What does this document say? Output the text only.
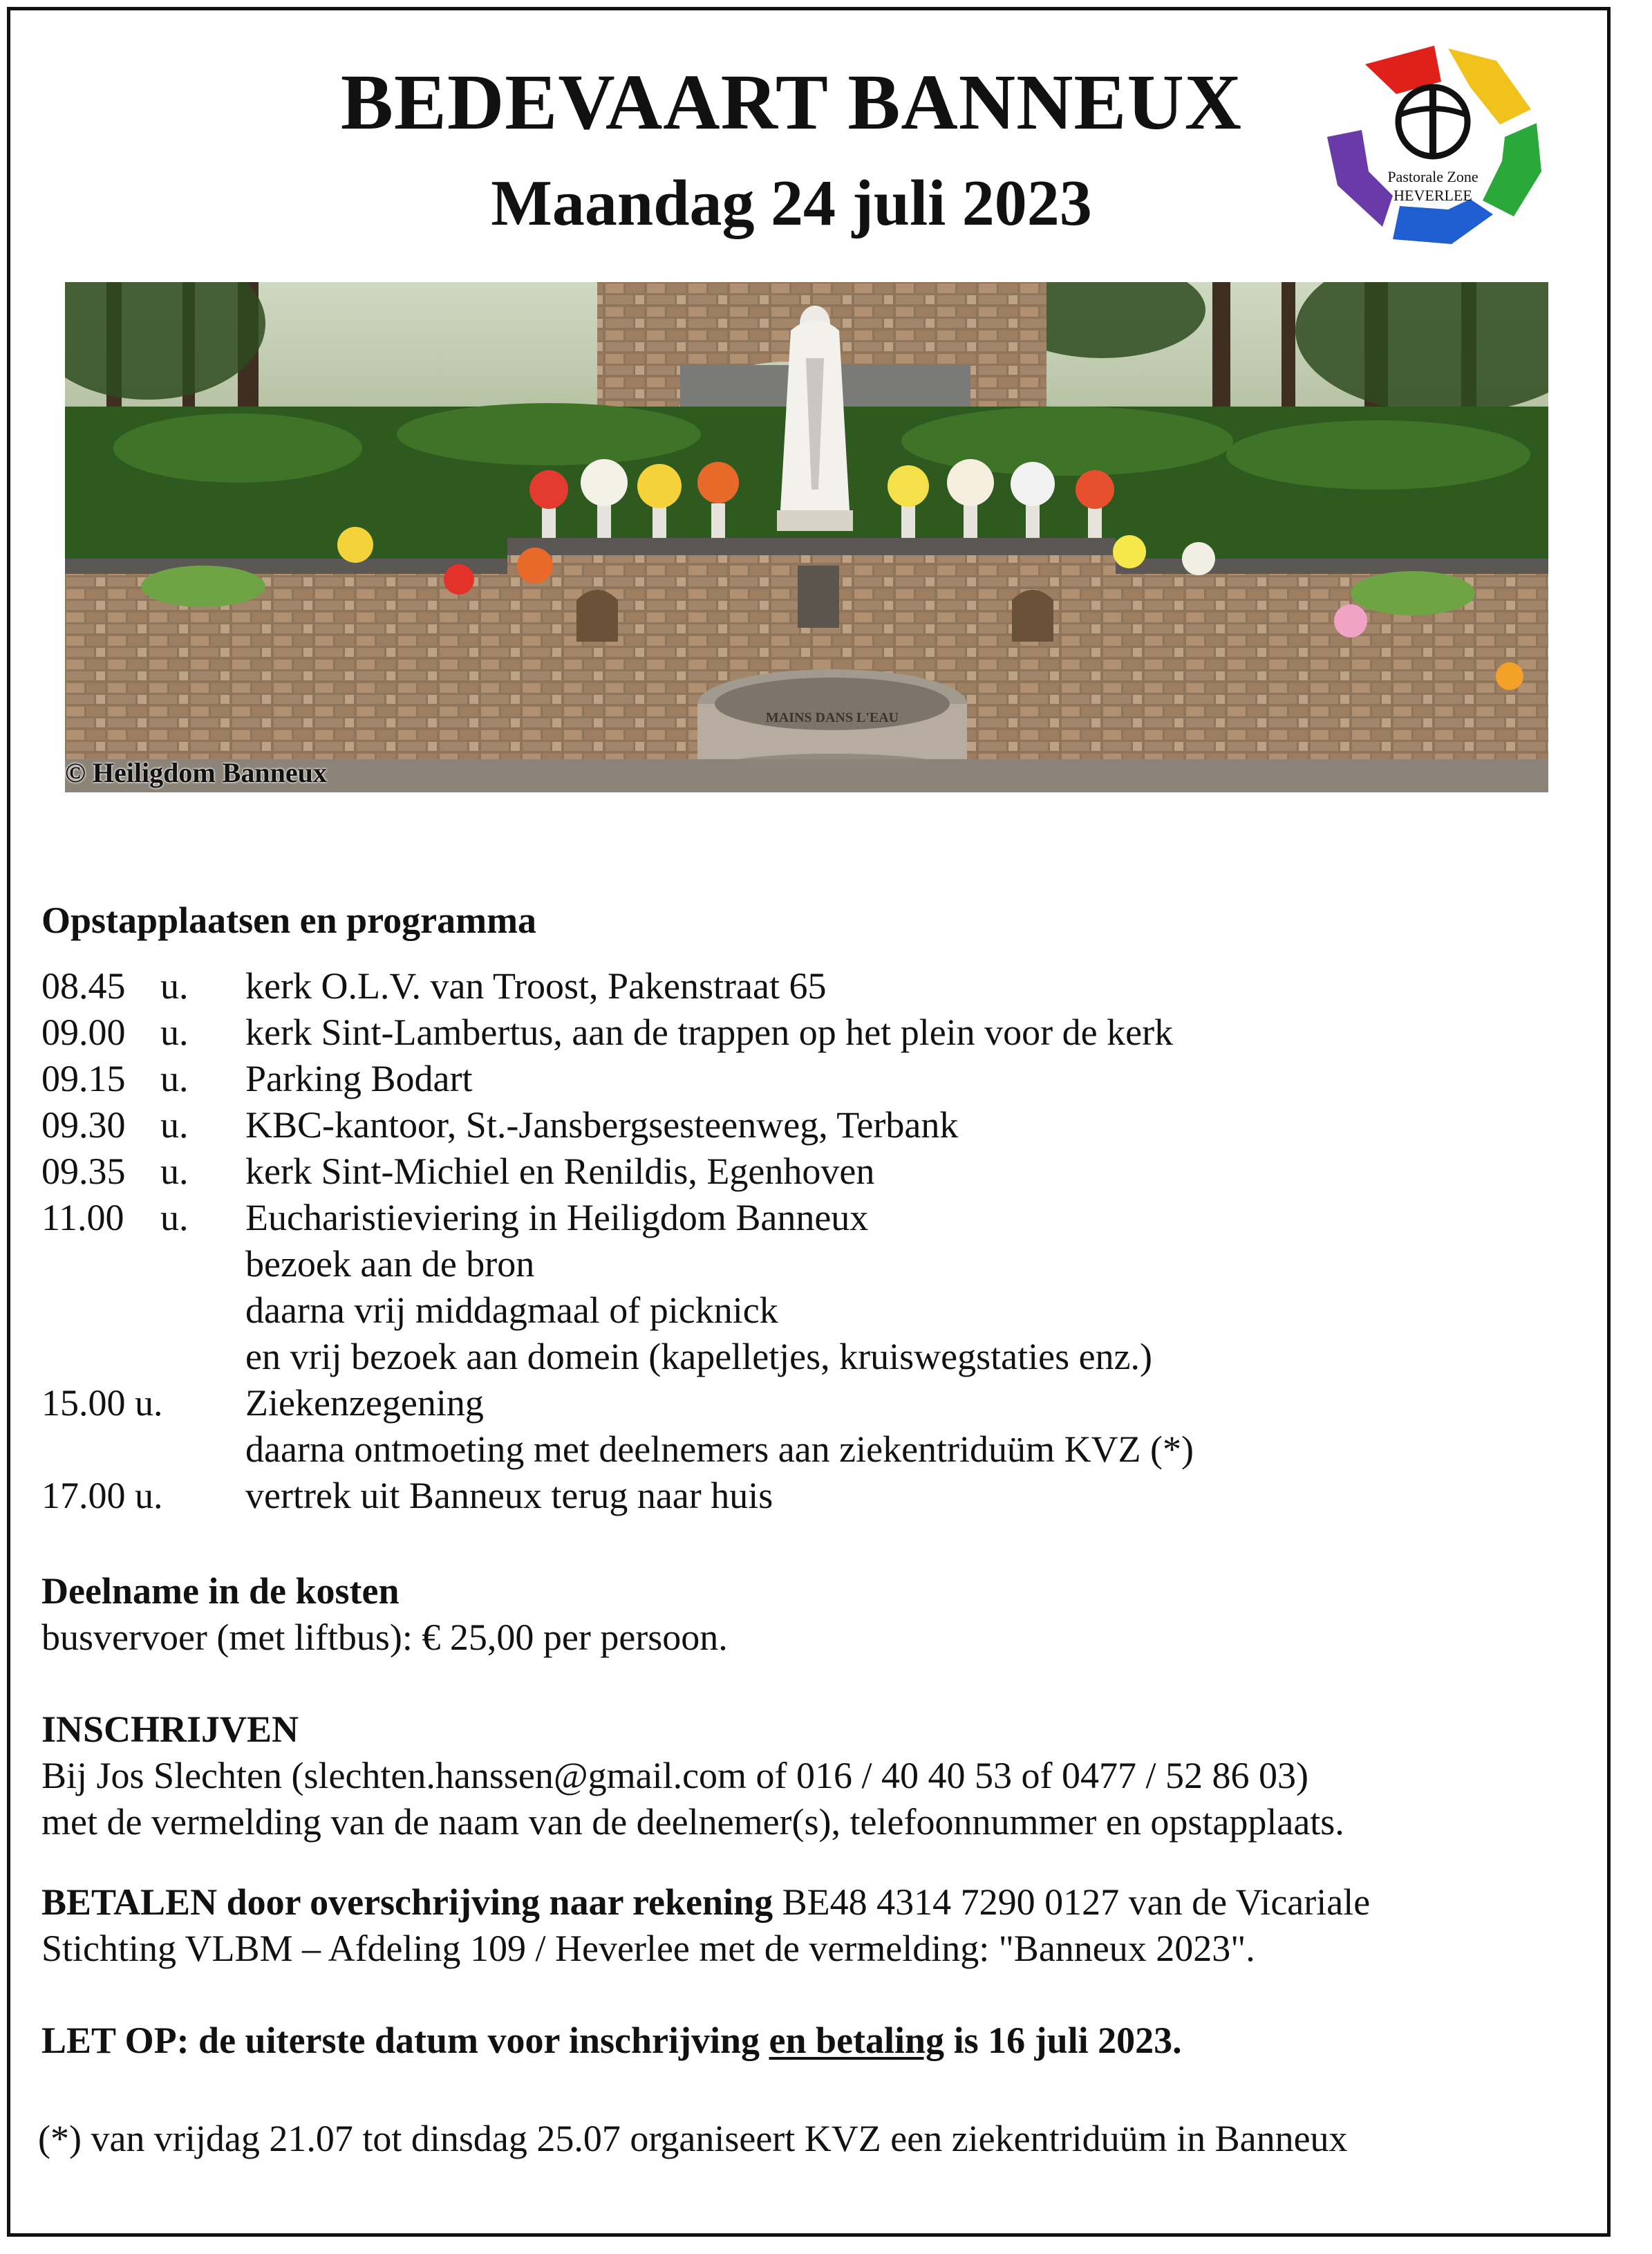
BEDEVAART BANNEUX
Maandag 24 juli 2023	Pastorale Zone
HEVERLEE
MAINS DANS L'EAU
© Heiligdom Banneux
Opstapplaatsen en programma
08.45 u. kerk O.L.V. van Troost, Pakenstraat 65
09.00 u. kerk Sint-Lambertus, aan de trappen op het plein voor de kerk
09.15 u. Parking Bodart
09.30 u. KBC-kantoor, St.-Jansbergsesteenweg, Terbank
09.35 u. kerk Sint-Michiel en Renildis, Egenhoven
11.00 u. Eucharistieviering in Heiligdom Banneux
bezoek aan de bron
daarna vrij middagmaal of picknick
en vrij bezoek aan domein (kapelletjes, kruiswegstaties enz.)
15.00 u. Ziekenzegening
daarna ontmoeting met deelnemers aan ziekentriduüm KVZ (*)
17.00 u. vertrek uit Banneux terug naar huis
Deelname in de kosten
busvervoer (met liftbus): € 25,00 per persoon.
INSCHRIJVEN
Bij Jos Slechten (slechten.hanssen@gmail.com of 016 / 40 40 53 of 0477 / 52 86 03)
met de vermelding van de naam van de deelnemer(s), telefoonnummer en opstapplaats.
BETALEN door overschrijving naar rekening BE48 4314 7290 0127 van de Vicariale
Stichting VLBM – Afdeling 109 / Heverlee met de vermelding: "Banneux 2023".
LET OP: de uiterste datum voor inschrijving en betaling is 16 juli 2023.
(*) van vrijdag 21.07 tot dinsdag 25.07 organiseert KVZ een ziekentriduüm in Banneux
